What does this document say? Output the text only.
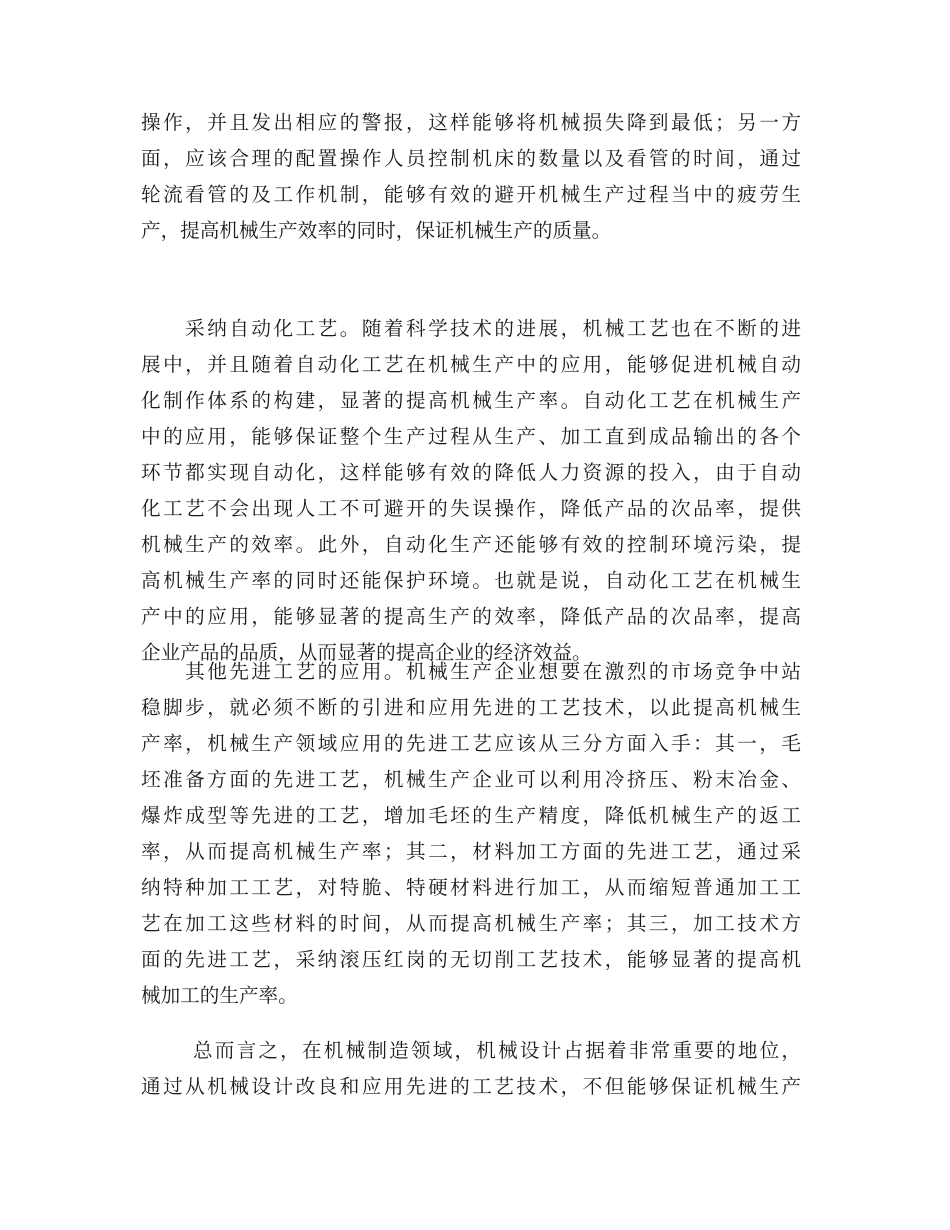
操作，并且发出相应的警报，这样能够将机械损失降到最低；另一方
面，应该合理的配置操作人员控制机床的数量以及看管的时间，通过
轮流看管的及工作机制，能够有效的避开机械生产过程当中的疲劳生
产，提高机械生产效率的同时，保证机械生产的质量。
　　采纳自动化工艺。随着科学技术的进展，机械工艺也在不断的进
展中，并且随着自动化工艺在机械生产中的应用，能够促进机械自动
化制作体系的构建，显著的提高机械生产率。自动化工艺在机械生产
中的应用，能够保证整个生产过程从生产、加工直到成品输出的各个
环节都实现自动化，这样能够有效的降低人力资源的投入，由于自动
化工艺不会出现人工不可避开的失误操作，降低产品的次品率，提供
机械生产的效率。此外，自动化生产还能够有效的控制环境污染，提
高机械生产率的同时还能保护环境。也就是说，自动化工艺在机械生
产中的应用，能够显著的提高生产的效率，降低产品的次品率，提高
企业产品的品质，从而显著的提高企业的经济效益。
　　其他先进工艺的应用。机械生产企业想要在激烈的市场竞争中站
稳脚步，就必须不断的引进和应用先进的工艺技术，以此提高机械生
产率，机械生产领域应用的先进工艺应该从三分方面入手：其一，毛
坯准备方面的先进工艺，机械生产企业可以利用冷挤压、粉末冶金、
爆炸成型等先进的工艺，增加毛坯的生产精度，降低机械生产的返工
率，从而提高机械生产率；其二，材料加工方面的先进工艺，通过采
纳特种加工工艺，对特脆、特硬材料进行加工，从而缩短普通加工工
艺在加工这些材料的时间，从而提高机械生产率；其三，加工技术方
面的先进工艺，采纳滚压红岗的无切削工艺技术，能够显著的提高机
械加工的生产率。
　　 总而言之，在机械制造领域，机械设计占据着非常重要的地位，
通过从机械设计改良和应用先进的工艺技术，不但能够保证机械生产
